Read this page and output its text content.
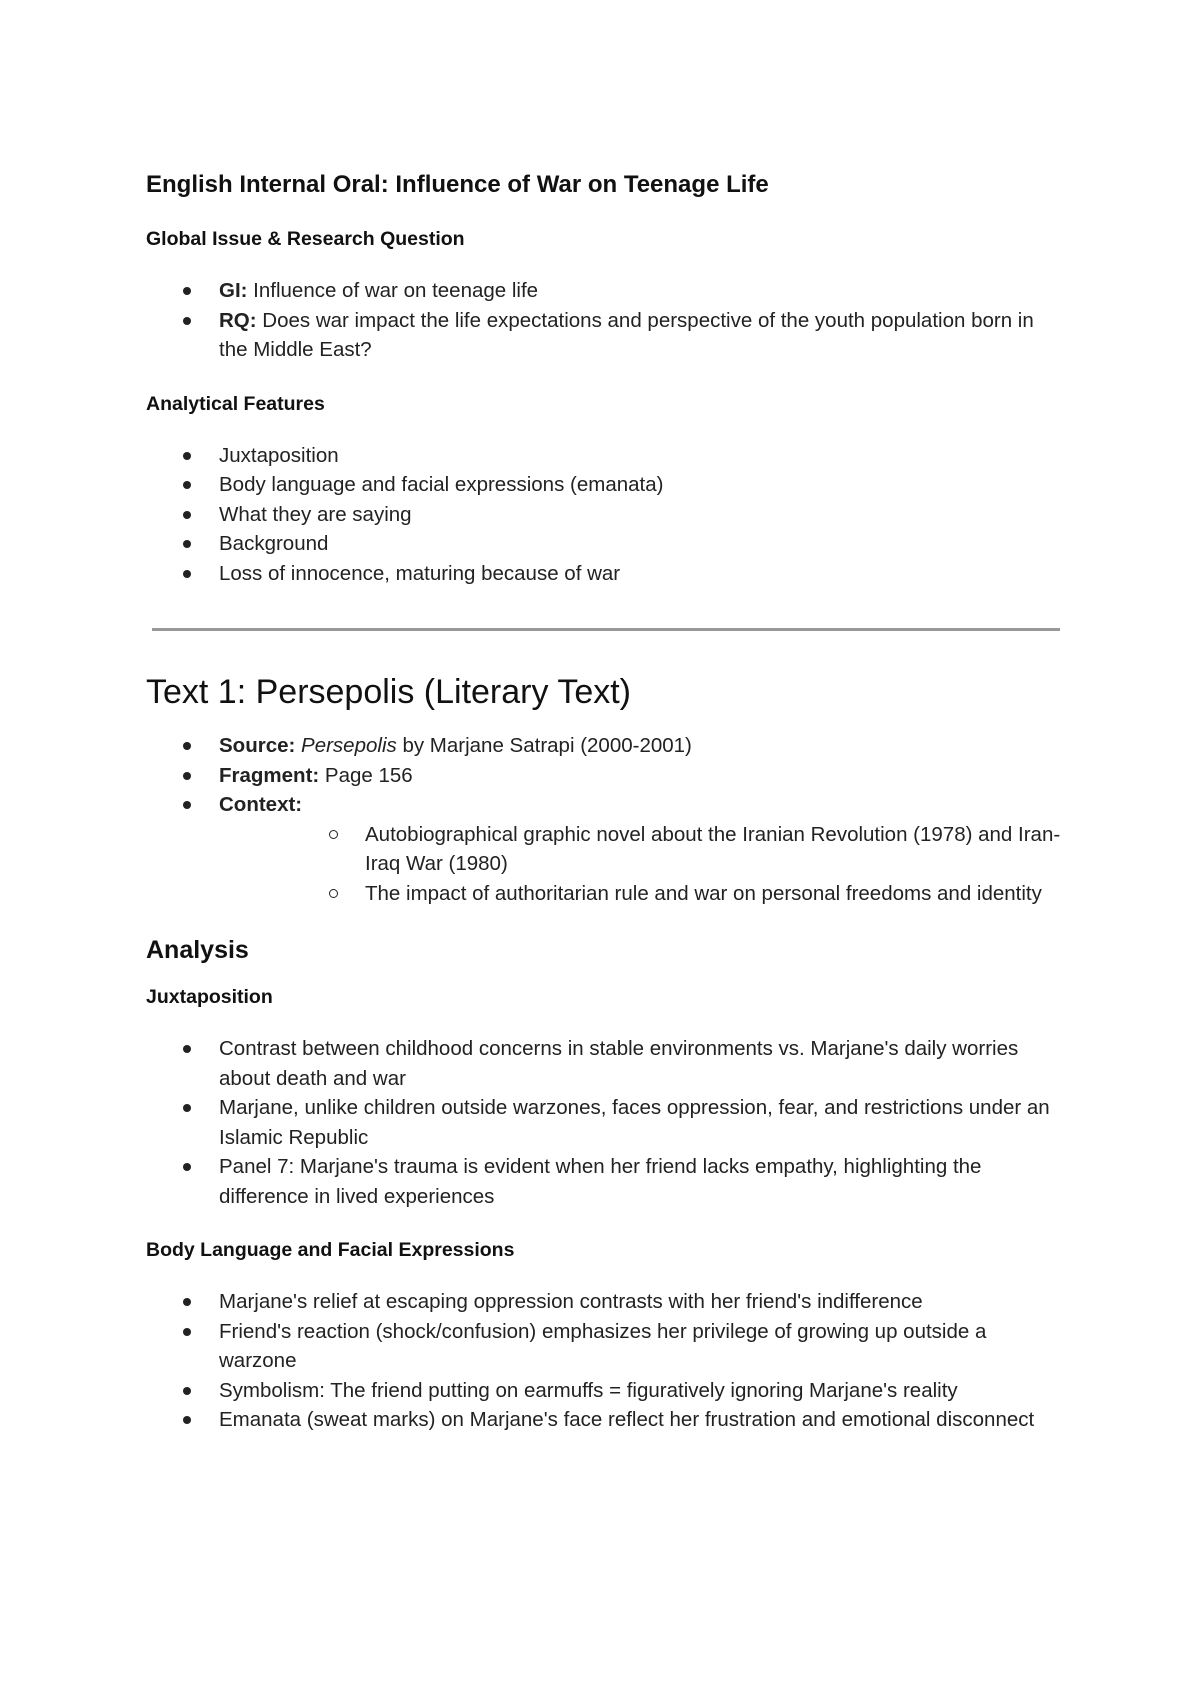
English Internal Oral: Influence of War on Teenage Life
Global Issue & Research Question
GI: Influence of war on teenage life
RQ: Does war impact the life expectations and perspective of the youth population born in the Middle East?
Analytical Features
Juxtaposition
Body language and facial expressions (emanata)
What they are saying
Background
Loss of innocence, maturing because of war
Text 1: Persepolis (Literary Text)
Source: Persepolis by Marjane Satrapi (2000-2001)
Fragment: Page 156
Context:
Autobiographical graphic novel about the Iranian Revolution (1978) and Iran-Iraq War (1980)
The impact of authoritarian rule and war on personal freedoms and identity
Analysis
Juxtaposition
Contrast between childhood concerns in stable environments vs. Marjane's daily worries about death and war
Marjane, unlike children outside warzones, faces oppression, fear, and restrictions under an Islamic Republic
Panel 7: Marjane's trauma is evident when her friend lacks empathy, highlighting the difference in lived experiences
Body Language and Facial Expressions
Marjane's relief at escaping oppression contrasts with her friend's indifference
Friend's reaction (shock/confusion) emphasizes her privilege of growing up outside a warzone
Symbolism: The friend putting on earmuffs = figuratively ignoring Marjane's reality
Emanata (sweat marks) on Marjane's face reflect her frustration and emotional disconnect
